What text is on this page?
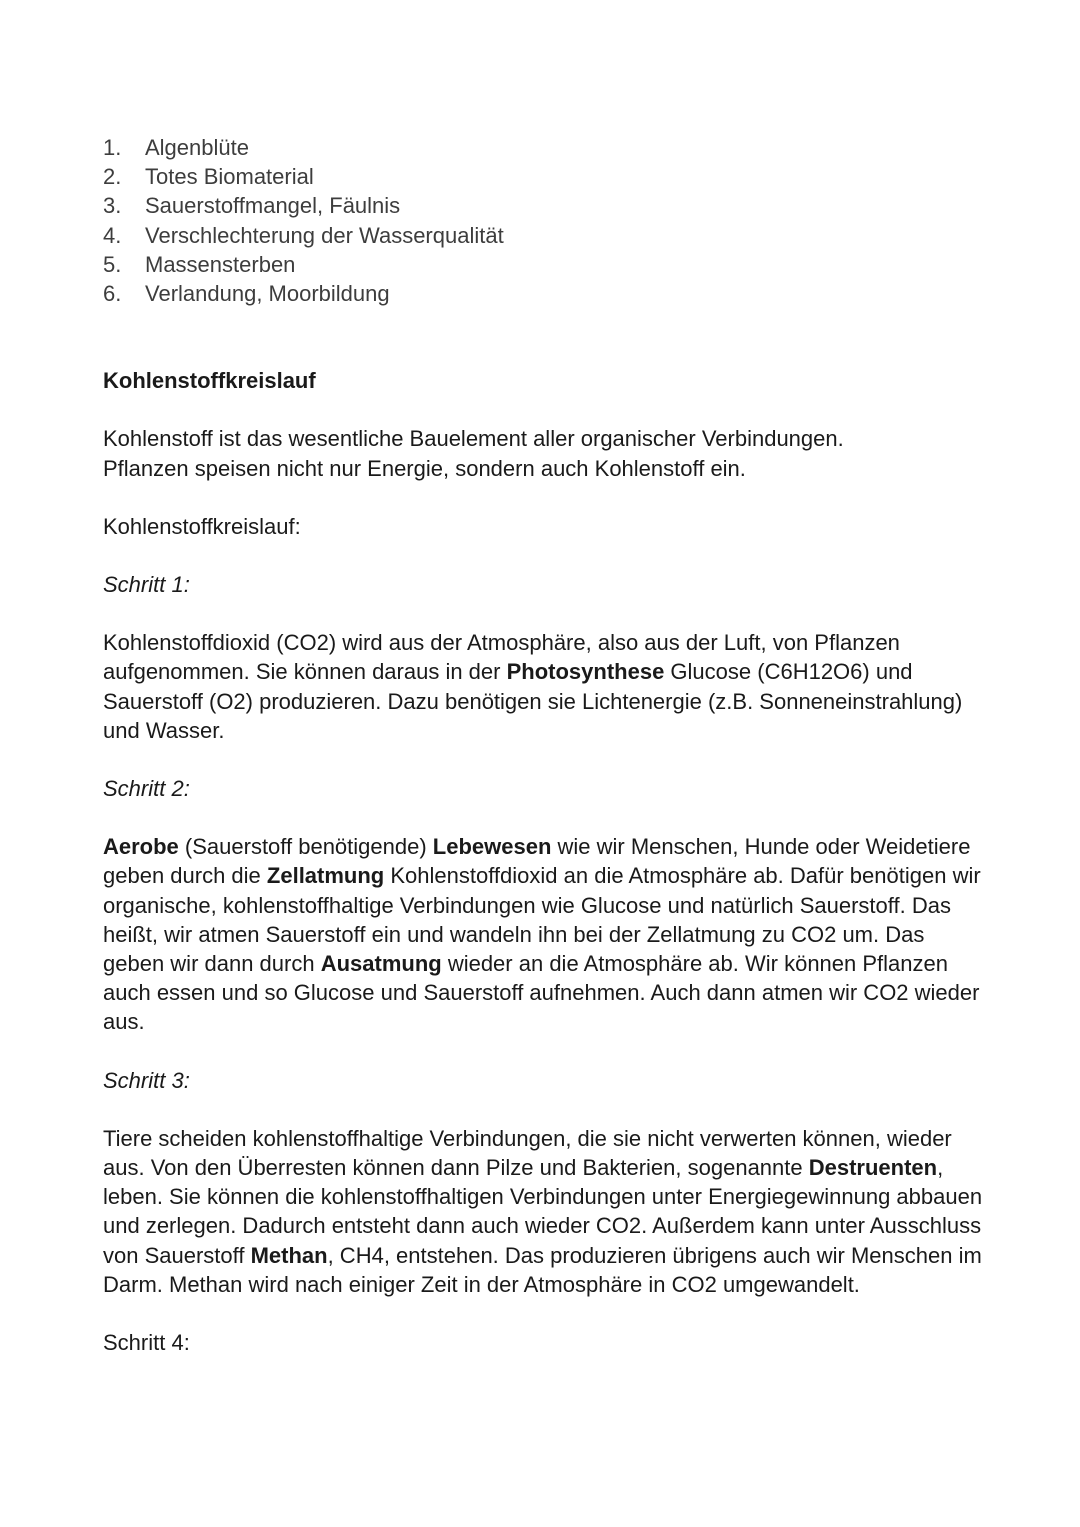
1.	Algenblüte
2.	Totes Biomaterial
3.	Sauerstoffmangel, Fäulnis
4.	Verschlechterung der Wasserqualität
5.	Massensterben
6.	Verlandung, Moorbildung
Kohlenstoffkreislauf

Kohlenstoff ist das wesentliche Bauelement aller organischer Verbindungen.
Pflanzen speisen nicht nur Energie, sondern auch Kohlenstoff ein.

Kohlenstoffkreislauf:

Schritt 1:

Kohlenstoffdioxid (CO2) wird aus der Atmosphäre, also aus der Luft, von Pflanzen aufgenommen. Sie können daraus in der Photosynthese Glucose (C6H12O6) und Sauerstoff (O2) produzieren. Dazu benötigen sie Lichtenergie (z.B. Sonneneinstrahlung) und Wasser.

Schritt 2:

Aerobe (Sauerstoff benötigende) Lebewesen wie wir Menschen, Hunde oder Weidetiere geben durch die Zellatmung Kohlenstoffdioxid an die Atmosphäre ab. Dafür benötigen wir organische, kohlenstoffhaltige Verbindungen wie Glucose und natürlich Sauerstoff. Das heißt, wir atmen Sauerstoff ein und wandeln ihn bei der Zellatmung zu CO2 um. Das geben wir dann durch Ausatmung wieder an die Atmosphäre ab. Wir können Pflanzen auch essen und so Glucose und Sauerstoff aufnehmen. Auch dann atmen wir CO2 wieder aus.

Schritt 3:

Tiere scheiden kohlenstoffhaltige Verbindungen, die sie nicht verwerten können, wieder aus. Von den Überresten können dann Pilze und Bakterien, sogenannte Destruenten, leben. Sie können die kohlenstoffhaltigen Verbindungen unter Energiegewinnung abbauen und zerlegen. Dadurch entsteht dann auch wieder CO2. Außerdem kann unter Ausschluss von Sauerstoff Methan, CH4, entstehen. Das produzieren übrigens auch wir Menschen im Darm. Methan wird nach einiger Zeit in der Atmosphäre in CO2 umgewandelt.

Schritt 4:
